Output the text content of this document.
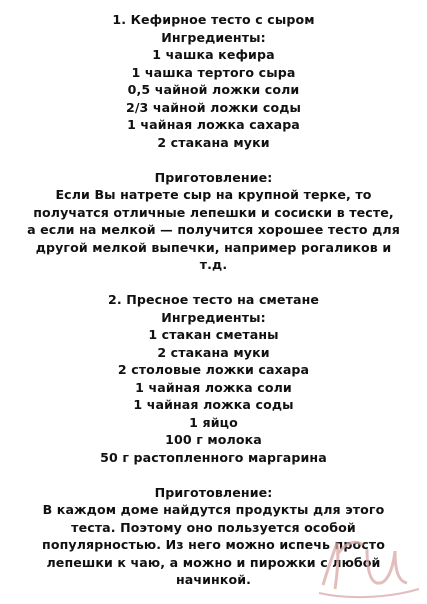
1. Кефирное тесто с сыром
Ингредиенты:
1 чашка кефира
1 чашка тертого сыра
0,5 чайной ложки соли
2/3 чайной ложки соды
1 чайная ложка сахара
2 стакана муки
Приготовление:
Если Вы натрете сыр на крупной терке, то
получатся отличные лепешки и сосиски в тесте,
а если на мелкой — получится хорошее тесто для
другой мелкой выпечки, например рогаликов и
т.д.
2. Пресное тесто на сметане
Ингредиенты:
1 стакан сметаны
2 стакана муки
2 столовые ложки сахара
1 чайная ложка соли
1 чайная ложка соды
1 яйцо
100 г молока
50 г растопленного маргарина
Приготовление:
В каждом доме найдутся продукты для этого
теста. Поэтому оно пользуется особой
популярностью. Из него можно испечь просто
лепешки к чаю, а можно и пирожки с любой
начинкой.
